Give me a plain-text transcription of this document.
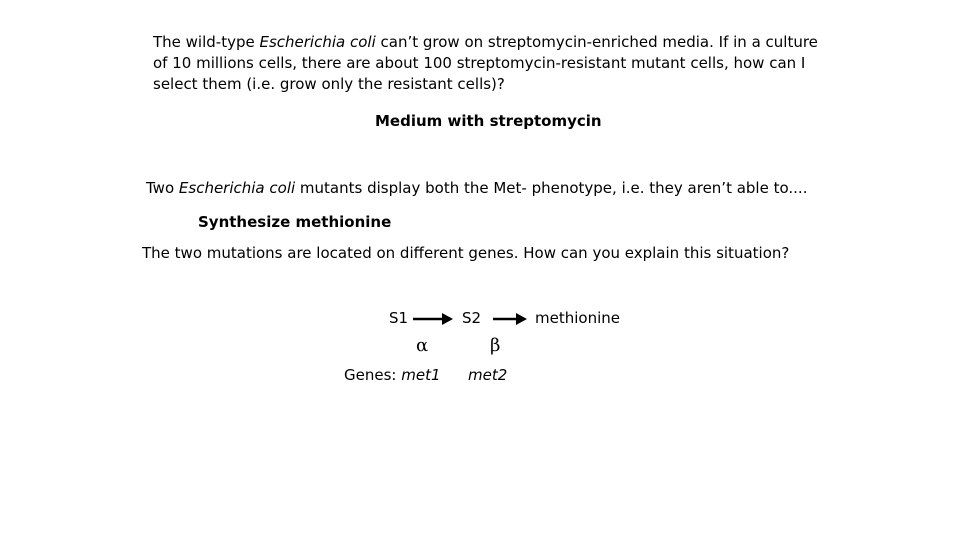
The wild-type Escherichia coli can’t grow on streptomycin-enriched media. If in a culture of 10 millions cells, there are about 100 streptomycin-resistant mutant cells, how can I select them (i.e. grow only the resistant cells)?
Medium with streptomycin
Two Escherichia coli mutants display both the Met- phenotype, i.e. they aren’t able to....
Synthesize methionine
The two mutations are located on different genes. How can you explain this situation?
S1	S2	methionine
α	β
Genes: met1 met2
